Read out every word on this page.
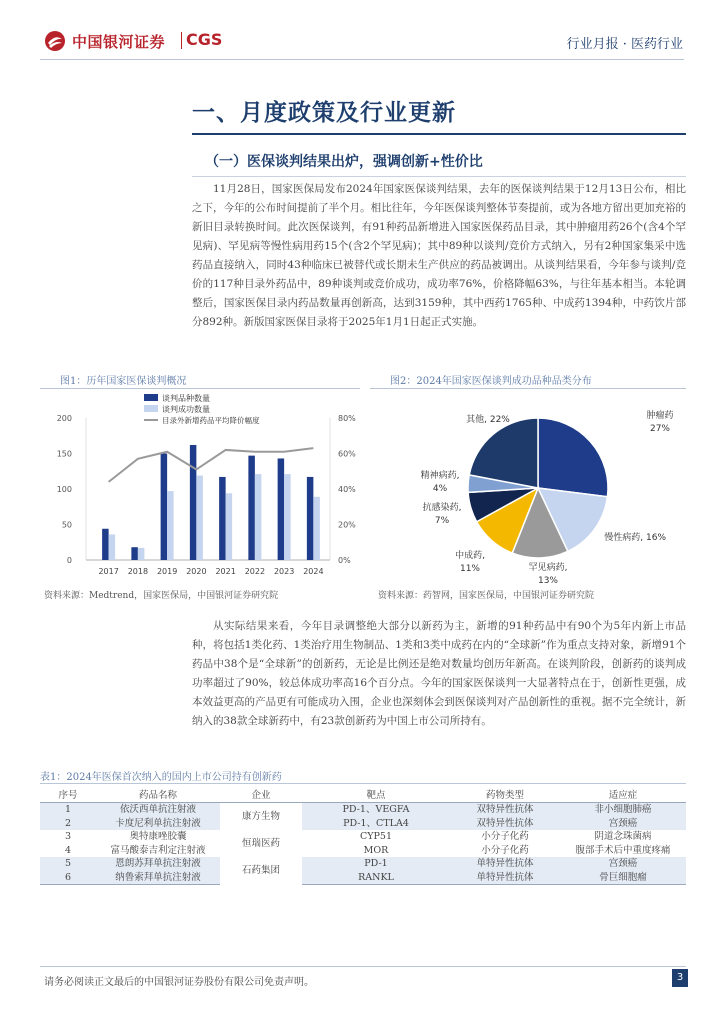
中国银河证券 CGS	行业月报 · 医药行业
一、月度政策及行业更新
（一）医保谈判结果出炉，强调创新+性价比

11月28日，国家医保局发布2024年国家医保谈判结果，去年的医保谈判结果于12月13日公布，相比之下，今年的公布时间提前了半个月。相比往年，今年医保谈判整体节奏提前，或为各地方留出更加充裕的新旧目录转换时间。此次医保谈判，有91种药品新增进入国家医保药品目录，其中肿瘤用药26个(含4个罕见病)、罕见病等慢性病用药15个(含2个罕见病)；其中89种以谈判/竞价方式纳入，另有2种国家集采中选药品直接纳入，同时43种临床已被替代或长期未生产供应的药品被调出。从谈判结果看，今年参与谈判/竞价的117种目录外药品中，89种谈判或竞价成功，成功率76%，价格降幅63%，与往年基本相当。本轮调整后，国家医保目录内药品数量再创新高，达到3159种，其中西药1765种、中成药1394种，中药饮片部分892种。新版国家医保目录将于2025年1月1日起正式实施。

图1：历年国家医保谈判概况
0
50
100
150
200
0%
20%
40%
60%
80%
2017 2018 2019 2020 2021 2022 2023 2024
谈判品种数量
谈判成功数量
目录外新增药品平均降价幅度
资料来源：Medtrend，国家医保局，中国银河证券研究院
图2：2024年国家医保谈判成功品种品类分布
肿瘤药
27%
慢性病药, 16%
罕见病药,
13%
中成药,
11%
抗感染药,
7%
精神病药,
4%
其他, 22%
资料来源：药智网，国家医保局，中国银河证券研究院

从实际结果来看，今年目录调整绝大部分以新药为主，新增的91种药品中有90个为5年内新上市品种，将包括1类化药、1类治疗用生物制品、1类和3类中成药在内的“全球新”作为重点支持对象，新增91个药品中38个是“全球新”的创新药，无论是比例还是绝对数量均创历年新高。在谈判阶段，创新药的谈判成功率超过了90%，较总体成功率高16个百分点。今年的国家医保谈判一大显著特点在于，创新性更强，成本效益更高的产品更有可能成功入围，企业也深刻体会到医保谈判对产品创新性的重视。据不完全统计，新纳入的38款全球新药中，有23款创新药为中国上市公司所持有。

表1：2024年医保首次纳入的国内上市公司持有创新药
序号	药品名称	企业	靶点	药物类型	适应症
1	依沃西单抗注射液	康方生物	PD-1、VEGFA	双特异性抗体	非小细胞肺癌
2	卡度尼利单抗注射液		PD-1、CTLA4	双特异性抗体	宫颈癌
3	奥特康唑胶囊	恒瑞医药	CYP51	小分子化药	阴道念珠菌病
4	富马酸泰吉利定注射液		MOR	小分子化药	腹部手术后中重度疼痛
5	恩朗苏拜单抗注射液	石药集团	PD-1	单特异性抗体	宫颈癌
6	纳鲁索拜单抗注射液		RANKL	单特异性抗体	骨巨细胞瘤
请务必阅读正文最后的中国银河证券股份有限公司免责声明。	3
